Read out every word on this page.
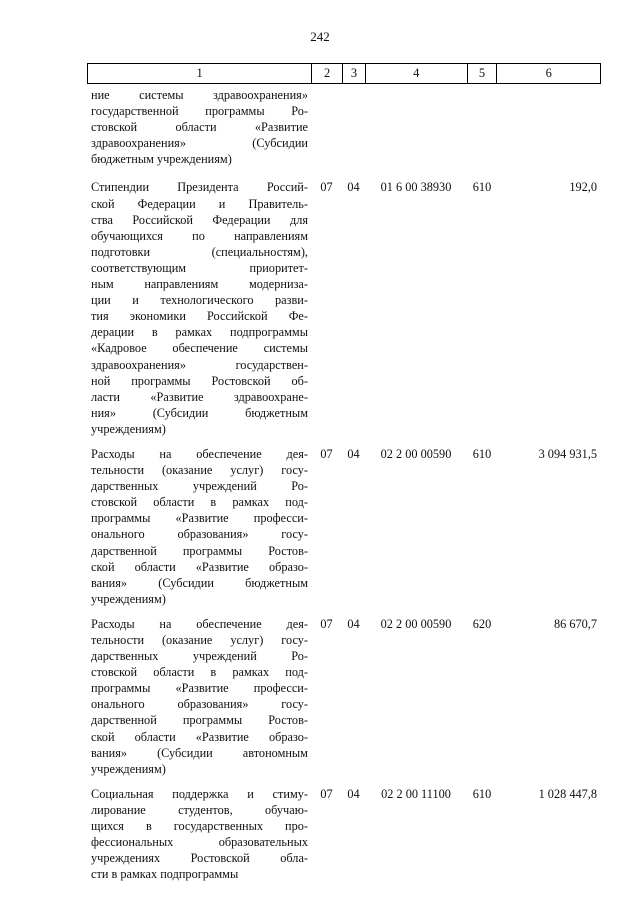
242
1	2	3	4	5	6
ние системы здравоохранения»
государственной программы Ро-
стовской	области	«Развитие
здравоохранения»	(Субсидии
бюджетным учреждениям)
Стипендии Президента Россий-
ской Федерации и Правитель-
ства Российской Федерации для
обучающихся по направлениям
подготовки	(специальностям),
соответствующим	приоритет-
ным направлениям модерниза-
ции и технологического разви-
тия экономики Российской Фе-
дерации в рамках подпрограммы
«Кадровое обеспечение системы
здравоохранения»	государствен-
ной программы Ростовской об-
ласти «Развитие здравоохране-
ния»	(Субсидии	бюджетным
учреждениям)
07	04	01 6 00 38930	610	192,0
Расходы на обеспечение дея-
тельности (оказание услуг) госу-
дарственных	учреждений	Ро-
стовской области в рамках под-
программы «Развитие професси-
онального	образования»	госу-
дарственной программы Ростов-
ской области «Развитие образо-
вания»	(Субсидии	бюджетным
учреждениям)
07	04	02 2 00 00590	610	3 094 931,5
Расходы на обеспечение дея-
тельности (оказание услуг) госу-
дарственных	учреждений	Ро-
стовской области в рамках под-
программы «Развитие професси-
онального	образования»	госу-
дарственной программы Ростов-
ской области «Развитие образо-
вания» (Субсидии автономным
учреждениям)
07	04	02 2 00 00590	620	86 670,7
Социальная поддержка и стиму-
лирование	студентов,	обучаю-
щихся в государственных про-
фессиональных	образовательных
учреждениях Ростовской обла-
сти в рамках подпрограммы
07	04	02 2 00 11100	610	1 028 447,8
